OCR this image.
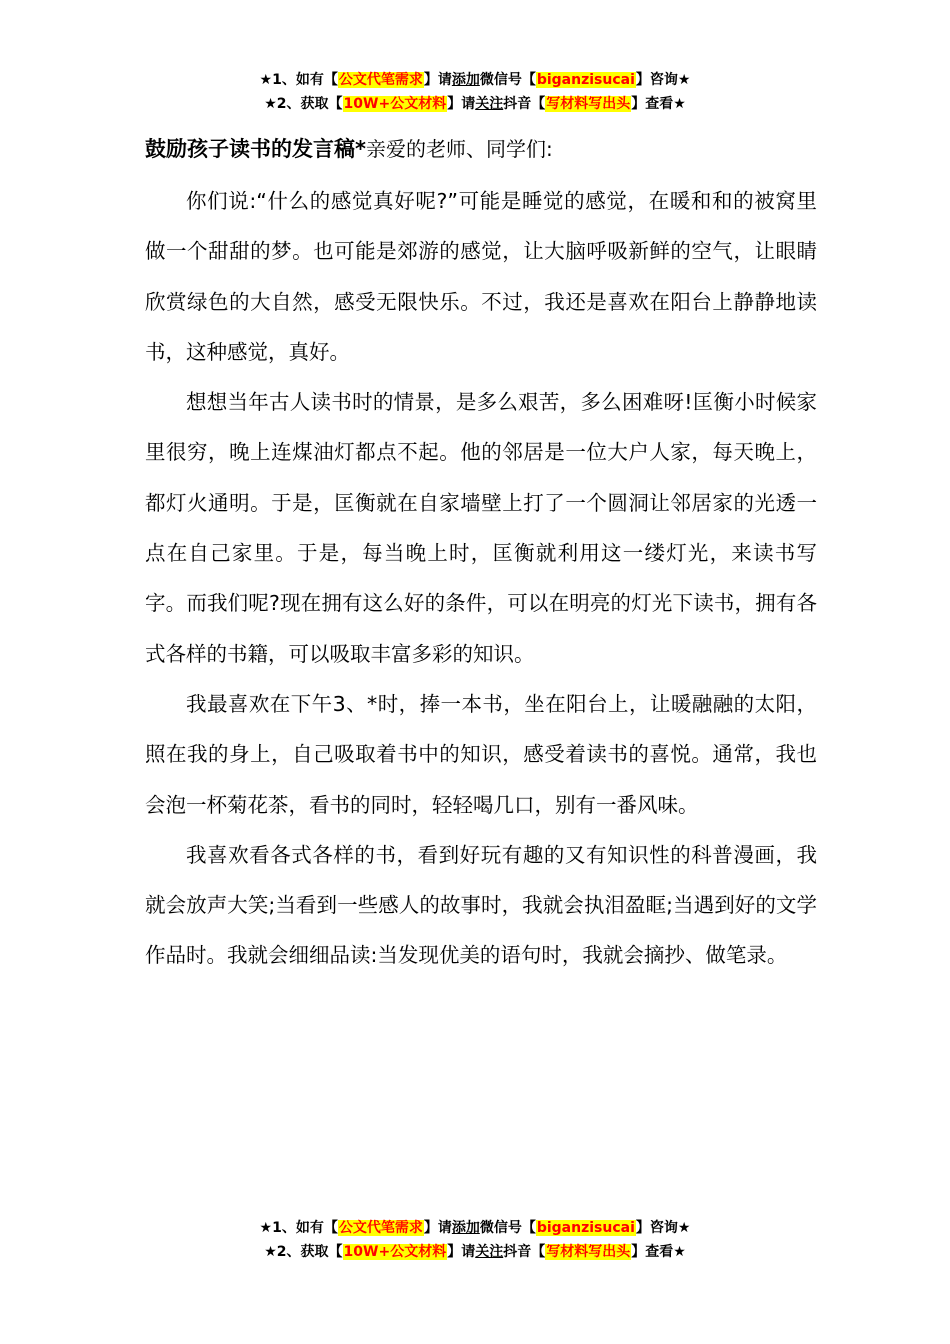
★1、如有【公文代笔需求】请添加微信号【biganzisucai】咨询★
★2、获取【10W+公文材料】请关注抖音【写材料写出头】查看★
鼓励孩子读书的发言稿*亲爱的老师、同学们:

你们说:“什么的感觉真好呢?”可能是睡觉的感觉，在暖和和的被窝里做一个甜甜的梦。也可能是郊游的感觉，让大脑呼吸新鲜的空气，让眼睛欣赏绿色的大自然，感受无限快乐。不过，我还是喜欢在阳台上静静地读书，这种感觉，真好。

想想当年古人读书时的情景，是多么艰苦，多么困难呀!匡衡小时候家里很穷，晚上连煤油灯都点不起。他的邻居是一位大户人家，每天晚上，都灯火通明。于是，匡衡就在自家墙壁上打了一个圆洞让邻居家的光透一点在自己家里。于是，每当晚上时，匡衡就利用这一缕灯光，来读书写字。而我们呢?现在拥有这么好的条件，可以在明亮的灯光下读书，拥有各式各样的书籍，可以吸取丰富多彩的知识。

我最喜欢在下午3、*时，捧一本书，坐在阳台上，让暖融融的太阳，照在我的身上，自己吸取着书中的知识，感受着读书的喜悦。通常，我也会泡一杯菊花茶，看书的同时，轻轻喝几口，别有一番风味。

我喜欢看各式各样的书，看到好玩有趣的又有知识性的科普漫画，我就会放声大笑;当看到一些感人的故事时，我就会执泪盈眶;当遇到好的文学作品时。我就会细细品读:当发现优美的语句时，我就会摘抄、做笔录。

★1、如有【公文代笔需求】请添加微信号【biganzisucai】咨询★
★2、获取【10W+公文材料】请关注抖音【写材料写出头】查看★
